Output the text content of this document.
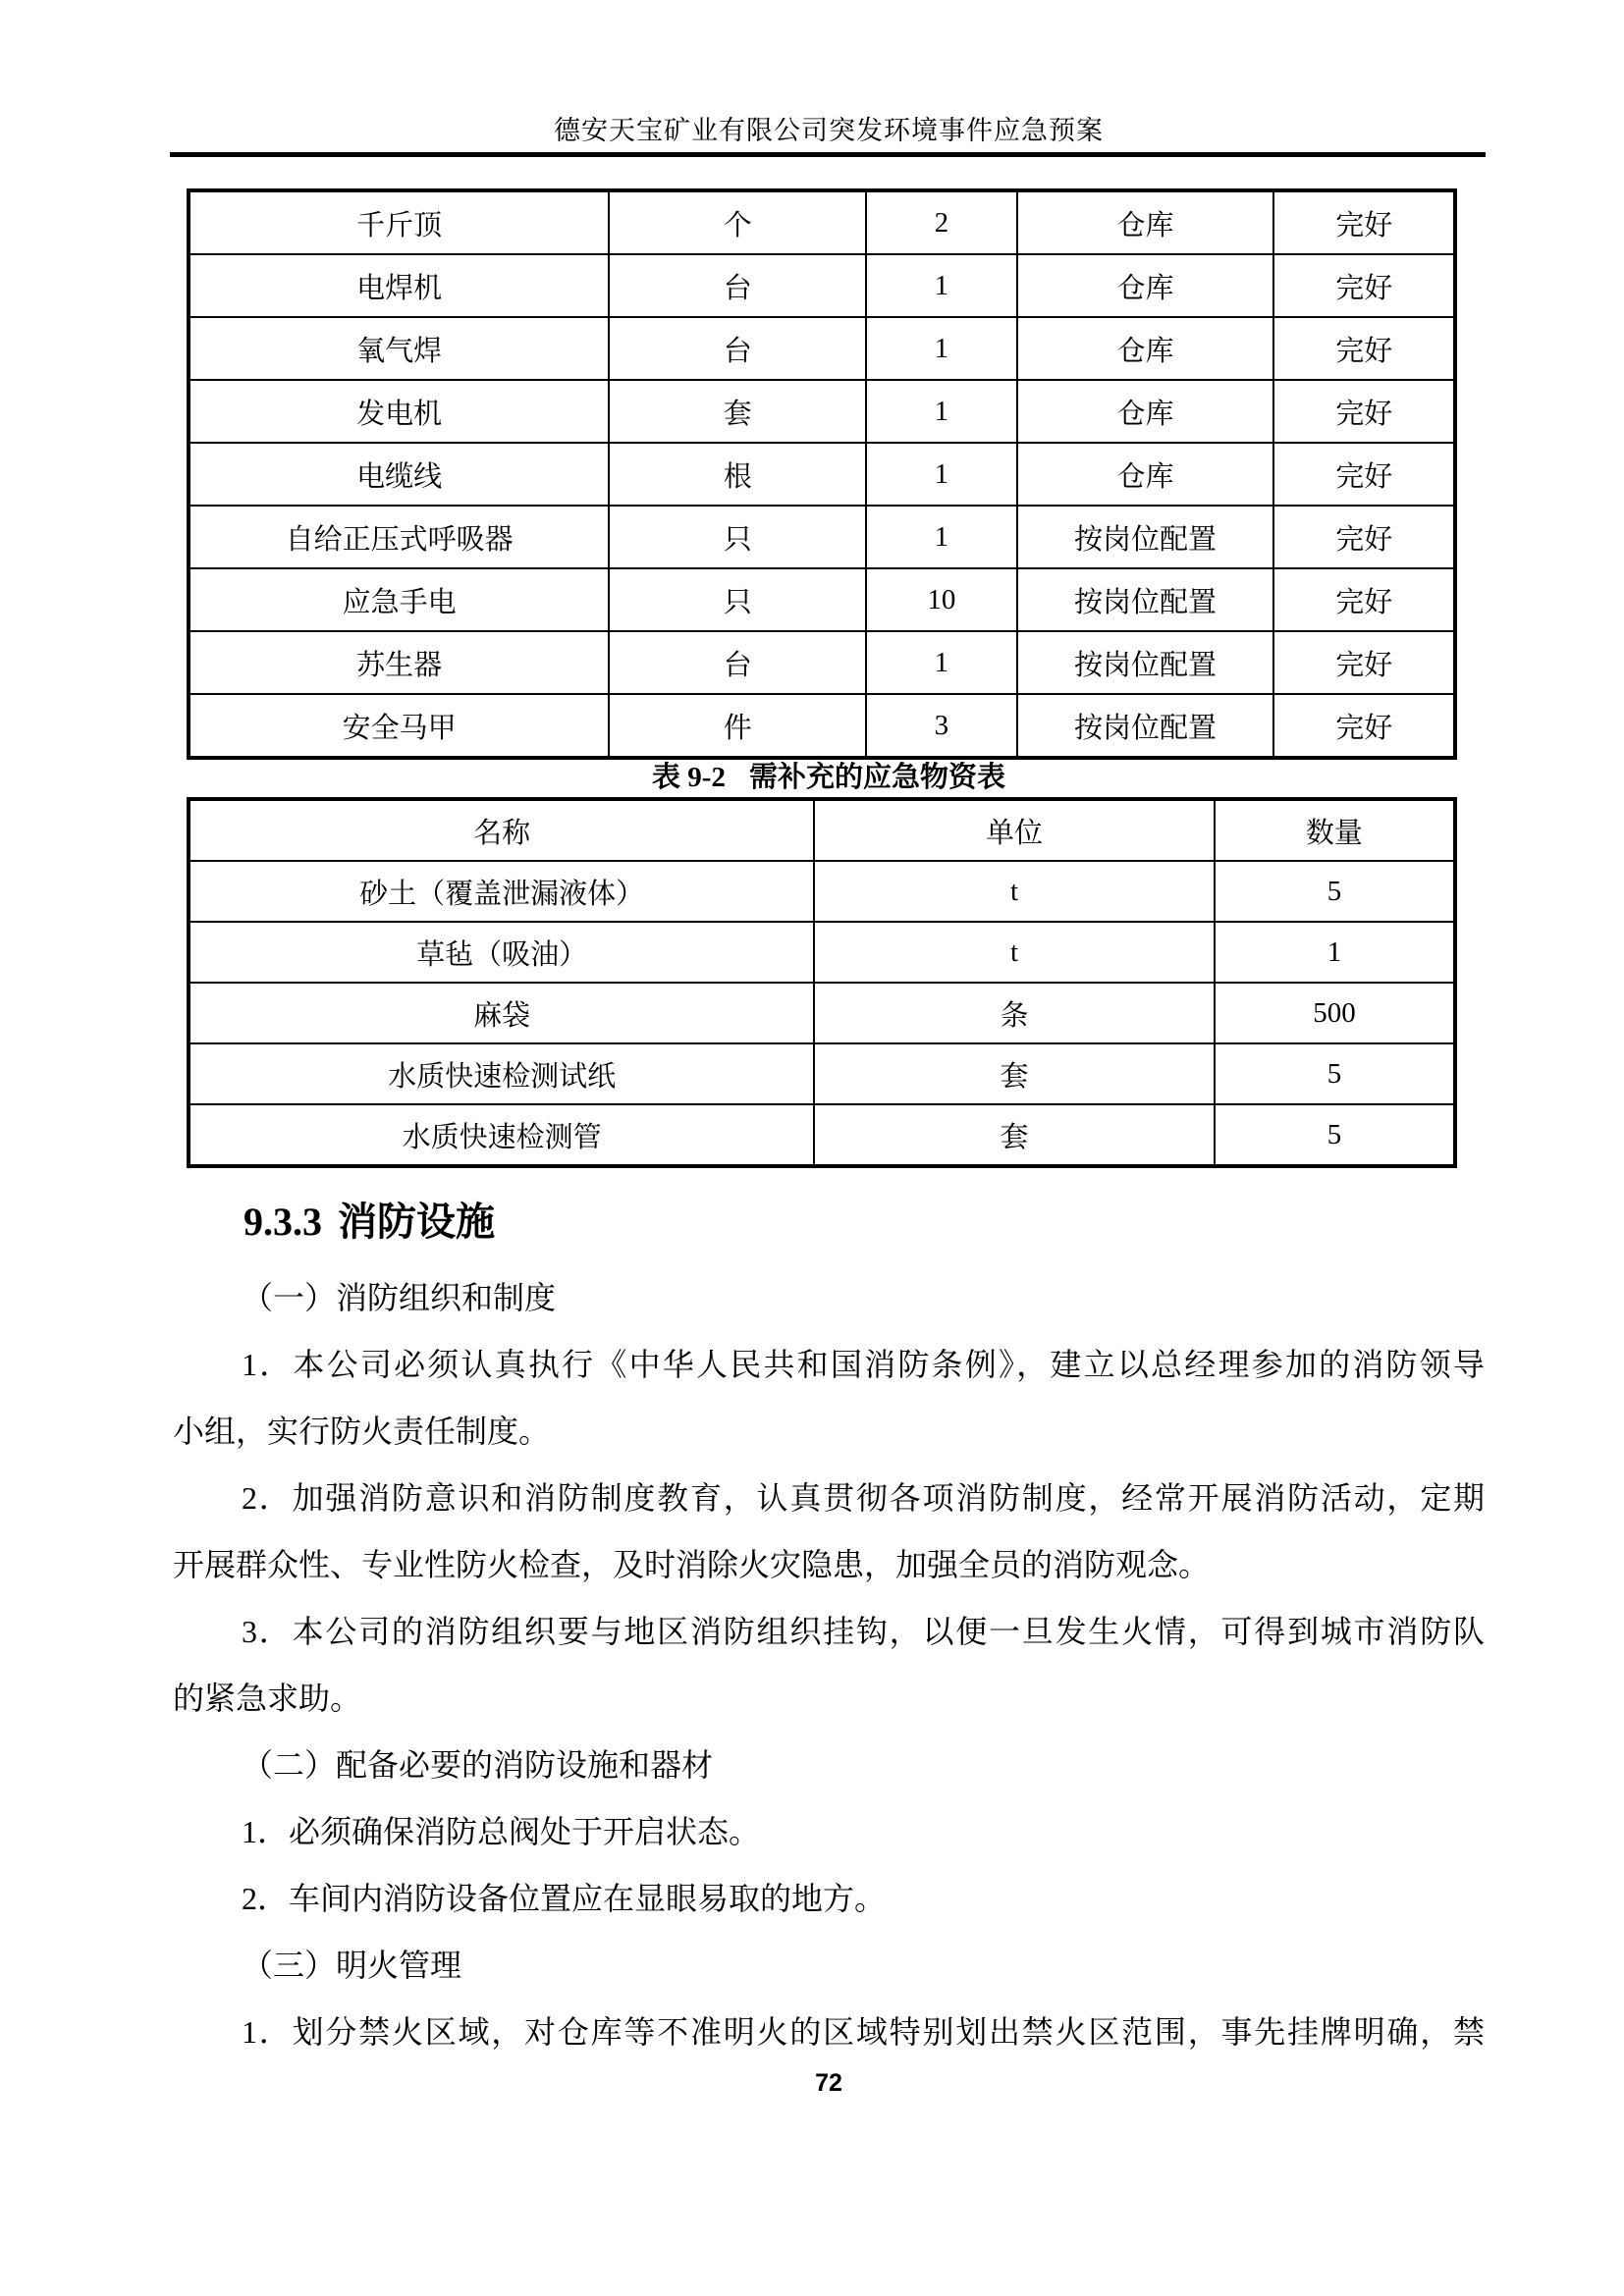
德安天宝矿业有限公司突发环境事件应急预案
千斤顶	个	2	仓库	完好
电焊机	台	1	仓库	完好
氧气焊	台	1	仓库	完好
发电机	套	1	仓库	完好
电缆线	根	1	仓库	完好
自给正压式呼吸器	只	1	按岗位配置	完好
应急手电	只	10	按岗位配置	完好
苏生器	台	1	按岗位配置	完好
安全马甲	件	3	按岗位配置	完好
表 9-2 需补充的应急物资表
名称	单位	数量
砂土（覆盖泄漏液体）	t	5
草毡（吸油）	t	1
麻袋	条	500
水质快速检测试纸	套	5
水质快速检测管	套	5
9.3.3 消防设施
（一）消防组织和制度
1．本公司必须认真执行《中华人民共和国消防条例》，建立以总经理参加的消防领导
小组，实行防火责任制度。
2．加强消防意识和消防制度教育，认真贯彻各项消防制度，经常开展消防活动，定期
开展群众性、专业性防火检查，及时消除火灾隐患，加强全员的消防观念。
3．本公司的消防组织要与地区消防组织挂钩，以便一旦发生火情，可得到城市消防队
的紧急求助。
（二）配备必要的消防设施和器材
1．必须确保消防总阀处于开启状态。
2．车间内消防设备位置应在显眼易取的地方。
（三）明火管理
1．划分禁火区域，对仓库等不准明火的区域特别划出禁火区范围，事先挂牌明确，禁
72
